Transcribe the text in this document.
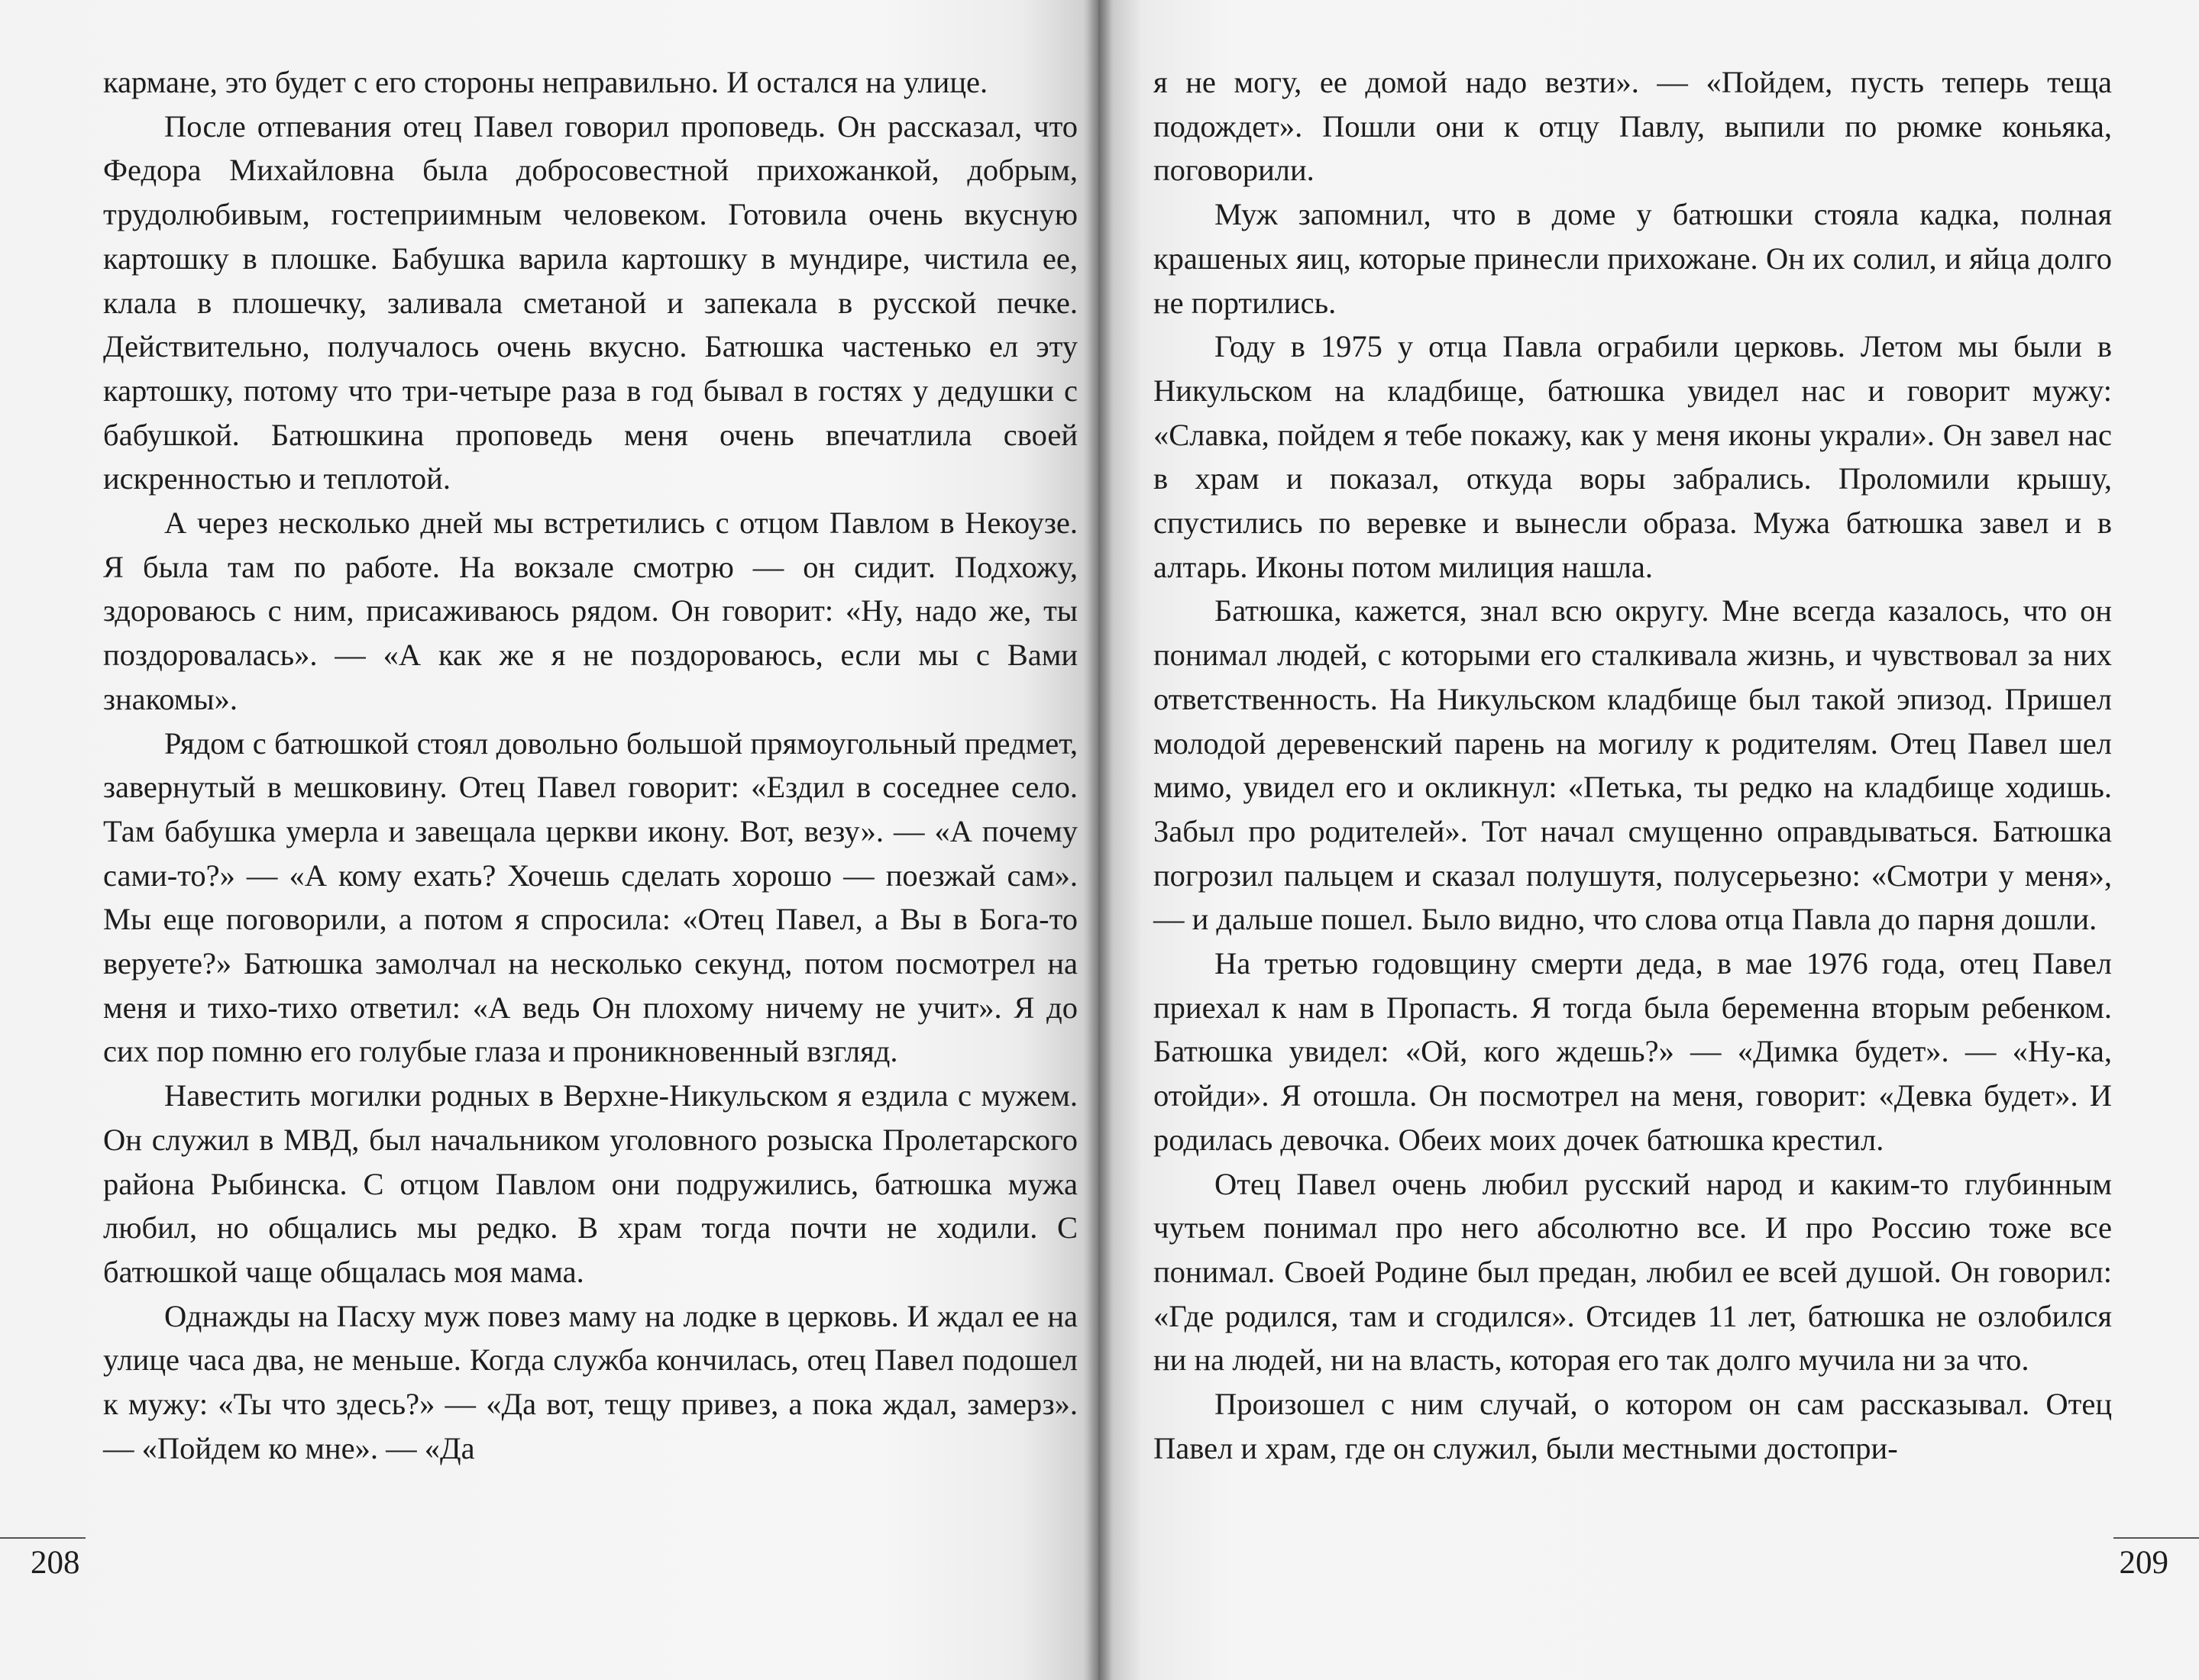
кармане, это будет с его стороны неправильно. И остался на улице.

После отпевания отец Павел говорил проповедь. Он рассказал, что Федора Михайловна была добросовестной прихожанкой, добрым, трудолюбивым, гостеприимным человеком. Готовила очень вкусную картошку в плошке. Бабушка варила картошку в мундире, чистила ее, клала в плошечку, заливала сметаной и запекала в русской печке. Действительно, получалось очень вкусно. Батюшка частенько ел эту картошку, потому что три-четыре раза в год бывал в гостях у дедушки с бабушкой. Батюшкина проповедь меня очень впечатлила своей искренностью и теплотой.

А через несколько дней мы встретились с отцом Павлом в Некоузе. Я была там по работе. На вокзале смотрю — он сидит. Подхожу, здороваюсь с ним, присаживаюсь рядом. Он говорит: «Ну, надо же, ты поздоровалась». — «А как же я не поздороваюсь, если мы с Вами знакомы».

Рядом с батюшкой стоял довольно большой прямоугольный предмет, завернутый в мешковину. Отец Павел говорит: «Ездил в соседнее село. Там бабушка умерла и завещала церкви икону. Вот, везу». — «А почему сами-то?» — «А кому ехать? Хочешь сделать хорошо — поезжай сам». Мы еще поговорили, а потом я спросила: «Отец Павел, а Вы в Бога-то веруете?» Батюшка замолчал на несколько секунд, потом посмотрел на меня и тихо-тихо ответил: «А ведь Он плохому ничему не учит». Я до сих пор помню его голубые глаза и проникновенный взгляд.

Навестить могилки родных в Верхне-Никульском я ездила с мужем. Он служил в МВД, был начальником уголовного розыска Пролетарского района Рыбинска. С отцом Павлом они подружились, батюшка мужа любил, но общались мы редко. В храм тогда почти не ходили. С батюшкой чаще общалась моя мама.

Однажды на Пасху муж повез маму на лодке в церковь. И ждал ее на улице часа два, не меньше. Когда служба кончилась, отец Павел подошел к мужу: «Ты что здесь?» — «Да вот, тещу привез, а пока ждал, замерз». — «Пойдем ко мне». — «Да

208

я не могу, ее домой надо везти». — «Пойдем, пусть теперь теща подождет». Пошли они к отцу Павлу, выпили по рюмке коньяка, поговорили.

Муж запомнил, что в доме у батюшки стояла кадка, полная крашеных яиц, которые принесли прихожане. Он их солил, и яйца долго не портились.

Году в 1975 у отца Павла ограбили церковь. Летом мы были в Никульском на кладбище, батюшка увидел нас и говорит мужу: «Славка, пойдем я тебе покажу, как у меня иконы украли». Он завел нас в храм и показал, откуда воры забрались. Проломили крышу, спустились по веревке и вынесли образа. Мужа батюшка завел и в алтарь. Иконы потом милиция нашла.

Батюшка, кажется, знал всю округу. Мне всегда казалось, что он понимал людей, с которыми его сталкивала жизнь, и чувствовал за них ответственность. На Никульском кладбище был такой эпизод. Пришел молодой деревенский парень на могилу к родителям. Отец Павел шел мимо, увидел его и окликнул: «Петька, ты редко на кладбище ходишь. Забыл про родителей». Тот начал смущенно оправдываться. Батюшка погрозил пальцем и сказал полушутя, полусерьезно: «Смотри у меня», — и дальше пошел. Было видно, что слова отца Павла до парня дошли.

На третью годовщину смерти деда, в мае 1976 года, отец Павел приехал к нам в Пропасть. Я тогда была беременна вторым ребенком. Батюшка увидел: «Ой, кого ждешь?» — «Димка будет». — «Ну-ка, отойди». Я отошла. Он посмотрел на меня, говорит: «Девка будет». И родилась девочка. Обеих моих дочек батюшка крестил.

Отец Павел очень любил русский народ и каким-то глубинным чутьем понимал про него абсолютно все. И про Россию тоже все понимал. Своей Родине был предан, любил ее всей душой. Он говорил: «Где родился, там и сгодился». Отсидев 11 лет, батюшка не озлобился ни на людей, ни на власть, которая его так долго мучила ни за что.

Произошел с ним случай, о котором он сам рассказывал. Отец Павел и храм, где он служил, были местными достопри-

209
